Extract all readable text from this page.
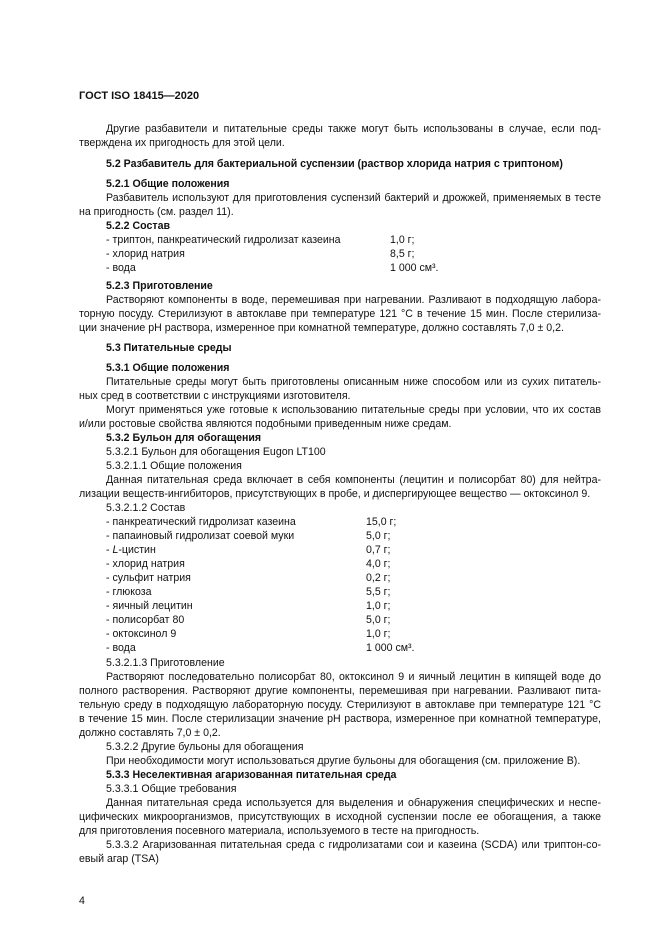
ГОСТ ISO 18415—2020
Другие разбавители и питательные среды также могут быть использованы в случае, если под-
тверждена их пригодность для этой цели.
5.2 Разбавитель для бактериальной суспензии (раствор хлорида натрия с триптоном)
5.2.1 Общие положения
Разбавитель используют для приготовления суспензий бактерий и дрожжей, применяемых в тесте
на пригодность (см. раздел 11).
5.2.2 Состав
- триптон, панкреатический гидролизат казеина	1,0 г;
- хлорид натрия	8,5 г;
- вода	1 000 см³.
5.2.3 Приготовление
Растворяют компоненты в воде, перемешивая при нагревании. Разливают в подходящую лабора-
торную посуду. Стерилизуют в автоклаве при температуре 121 °C в течение 15 мин. После стерилиза-
ции значение pH раствора, измеренное при комнатной температуре, должно составлять 7,0 ± 0,2.
5.3 Питательные среды
5.3.1 Общие положения
Питательные среды могут быть приготовлены описанным ниже способом или из сухих питатель-
ных сред в соответствии с инструкциями изготовителя.
Могут применяться уже готовые к использованию питательные среды при условии, что их состав
и/или ростовые свойства являются подобными приведенным ниже средам.
5.3.2 Бульон для обогащения
5.3.2.1 Бульон для обогащения Eugon LT100
5.3.2.1.1 Общие положения
Данная питательная среда включает в себя компоненты (лецитин и полисорбат 80) для нейтра-
лизации веществ-ингибиторов, присутствующих в пробе, и диспергирующее вещество — октоксинол 9.
5.3.2.1.2 Состав
- панкреатический гидролизат казеина	15,0 г;
- папаиновый гидролизат соевой муки	5,0 г;
- L-цистин	0,7 г;
- хлорид натрия	4,0 г;
- сульфит натрия	0,2 г;
- глюкоза	5,5 г;
- яичный лецитин	1,0 г;
- полисорбат 80	5,0 г;
- октоксинол 9	1,0 г;
- вода	1 000 см³.
5.3.2.1.3 Приготовление
Растворяют последовательно полисорбат 80, октоксинол 9 и яичный лецитин в кипящей воде до
полного растворения. Растворяют другие компоненты, перемешивая при нагревании. Разливают пита-
тельную среду в подходящую лабораторную посуду. Стерилизуют в автоклаве при температуре 121 °C
в течение 15 мин. После стерилизации значение pH раствора, измеренное при комнатной температуре,
должно составлять 7,0 ± 0,2.
5.3.2.2 Другие бульоны для обогащения
При необходимости могут использоваться другие бульоны для обогащения (см. приложение B).
5.3.3 Неселективная агаризованная питательная среда
5.3.3.1 Общие требования
Данная питательная среда используется для выделения и обнаружения специфических и неспе-
цифических микроорганизмов, присутствующих в исходной суспензии после ее обогащения, а также
для приготовления посевного материала, используемого в тесте на пригодность.
5.3.3.2 Агаризованная питательная среда с гидролизатами сои и казеина (SCDA) или триптон-со-
евый агар (TSA)
4
